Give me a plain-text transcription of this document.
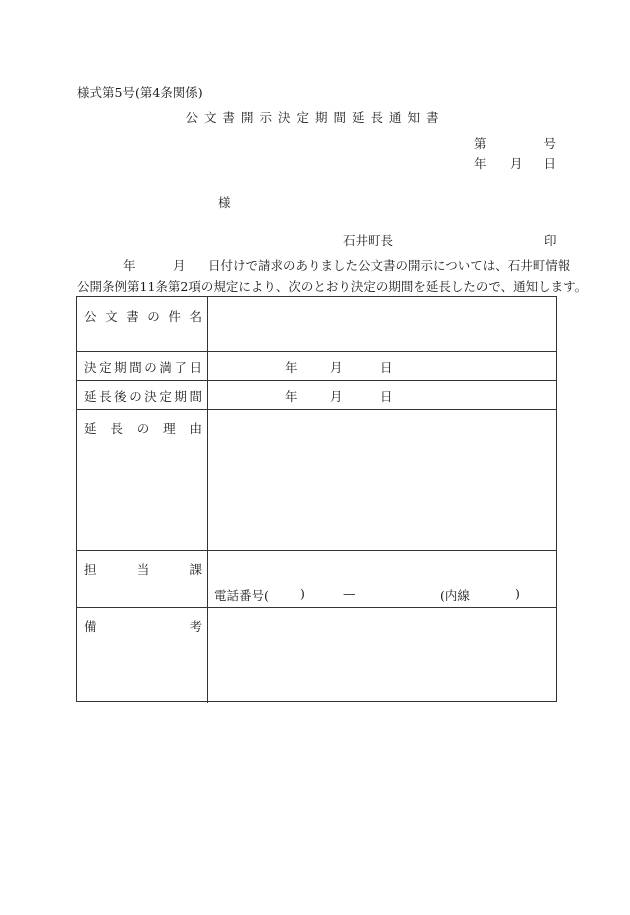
様式第5号(第4条関係)
公文書開示決定期間延長通知書
第	号
年 月 日
様
石井町長	印
年	月 日付けで請求のありました公文書の開示については、石井町情報
公開条例第11条第2項の規定により、次のとおり決定の期間を延長したので、通知します。
公 文 書 の 件 名
決 定 期 間 の 満 了 日	年	月	日
延 長 後 の 決 定 期 間	年	月	日
延 長 の 理 由
担	当	課
電話番号( )	—	(内線	)
備	考
